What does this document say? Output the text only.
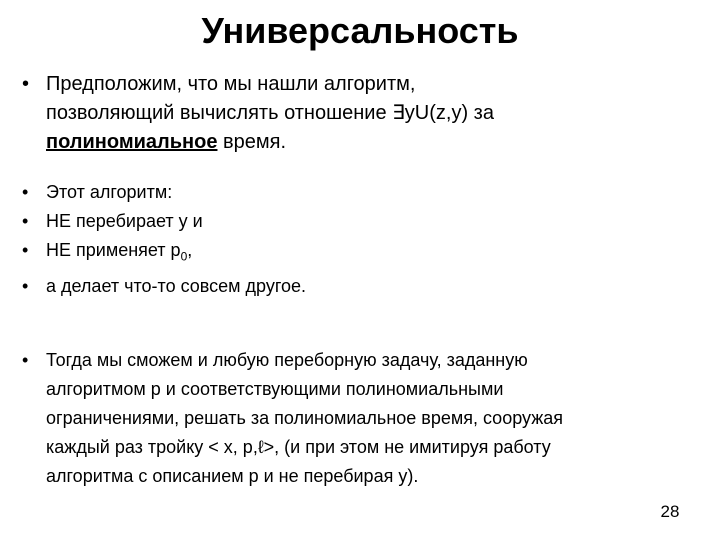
Универсальность
• Предположим, что мы нашли алгоритм,
позволяющий вычислять отношение ∃yU(z,y) за
полиномиальное время.
• Этот алгоритм:
• НЕ перебирает y и
• НЕ применяет $p_0$,
• а делает что-то совсем другое.
• Тогда мы сможем и любую переборную задачу, заданную
алгоритмом p и соответствующими полиномиальными
ограничениями, решать за полиномиальное время, сооружая
каждый раз тройку < x, p,ℓ>, (и при этом не имитируя работу
алгоритма с описанием p и не перебирая y).
28
